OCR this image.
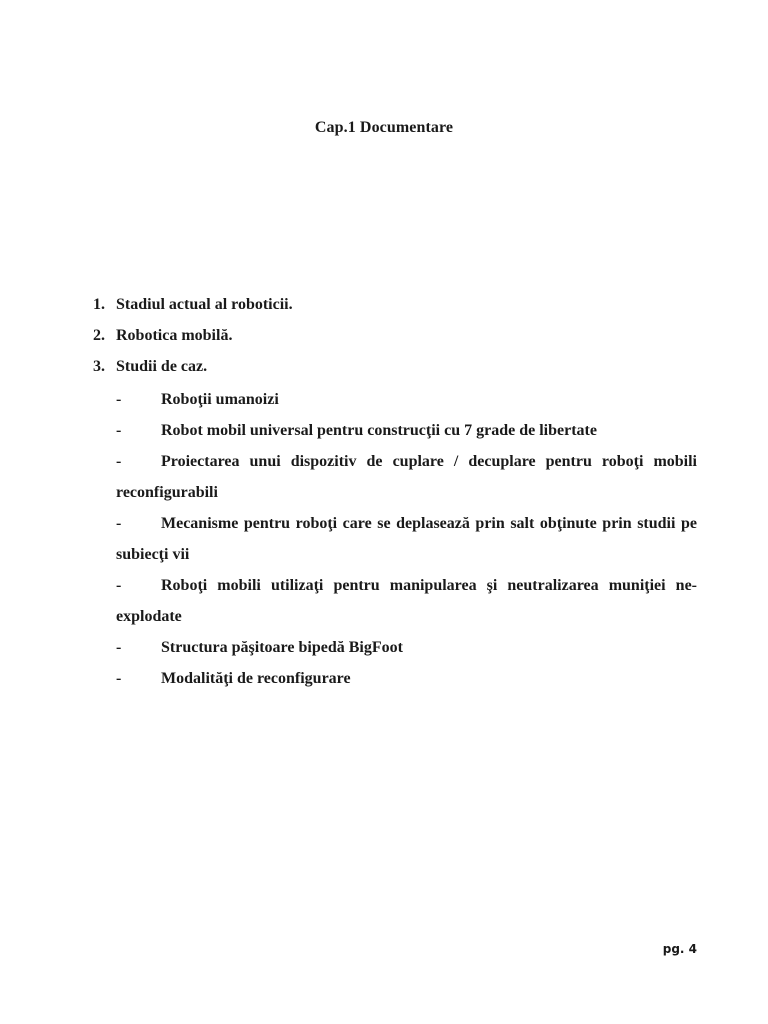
Cap.1 Documentare
1. Stadiul actual al roboticii.
2. Robotica mobilă.
3. Studii de caz.
-	Roboţii umanoizi
-	Robot mobil universal pentru construcţii cu 7 grade de libertate
-	Proiectarea unui dispozitiv de cuplare / decuplare pentru roboţi mobili reconfigurabili
-	Mecanisme pentru roboţi care se deplasează prin salt obţinute prin studii pe subiecţi vii
-	Roboţi mobili utilizaţi pentru manipularea şi neutralizarea muniţiei ne-explodate
-	Structura păşitoare bipedă BigFoot
-	Modalităţi de reconfigurare
pg. 4
